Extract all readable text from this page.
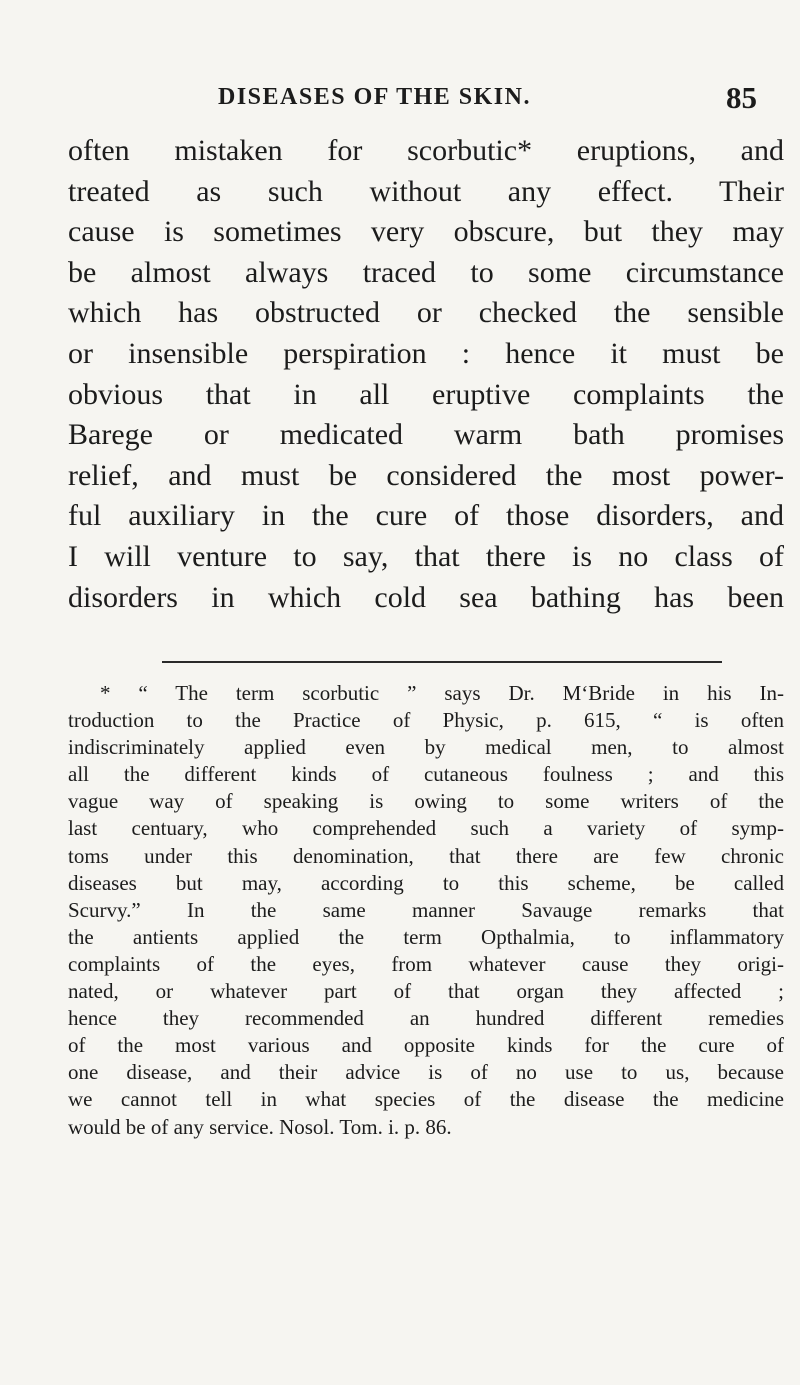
DISEASES OF THE SKIN.	85
often mistaken for scorbutic* eruptions, and
treated as such without any effect. Their
cause is sometimes very obscure, but they may
be almost always traced to some circumstance
which has obstructed or checked the sensible
or insensible perspiration : hence it must be
obvious that in all eruptive complaints the
Barege or medicated warm bath promises
relief, and must be considered the most power-
ful auxiliary in the cure of those disorders, and
I will venture to say, that there is no class of
disorders in which cold sea bathing has been
* “ The term scorbutic ” says Dr. M‘Bride in his In-
troduction to the Practice of Physic, p. 615, “ is often
indiscriminately applied even by medical men, to almost
all the different kinds of cutaneous foulness ; and this
vague way of speaking is owing to some writers of the
last centuary, who comprehended such a variety of symp-
toms under this denomination, that there are few chronic
diseases but may, according to this scheme, be called
Scurvy.” In the same manner Savauge remarks that
the antients applied the term Opthalmia, to inflammatory
complaints of the eyes, from whatever cause they origi-
nated, or whatever part of that organ they affected ;
hence they recommended an hundred different remedies
of the most various and opposite kinds for the cure of
one disease, and their advice is of no use to us, because
we cannot tell in what species of the disease the medicine
would be of any service. Nosol. Tom. i. p. 86.
